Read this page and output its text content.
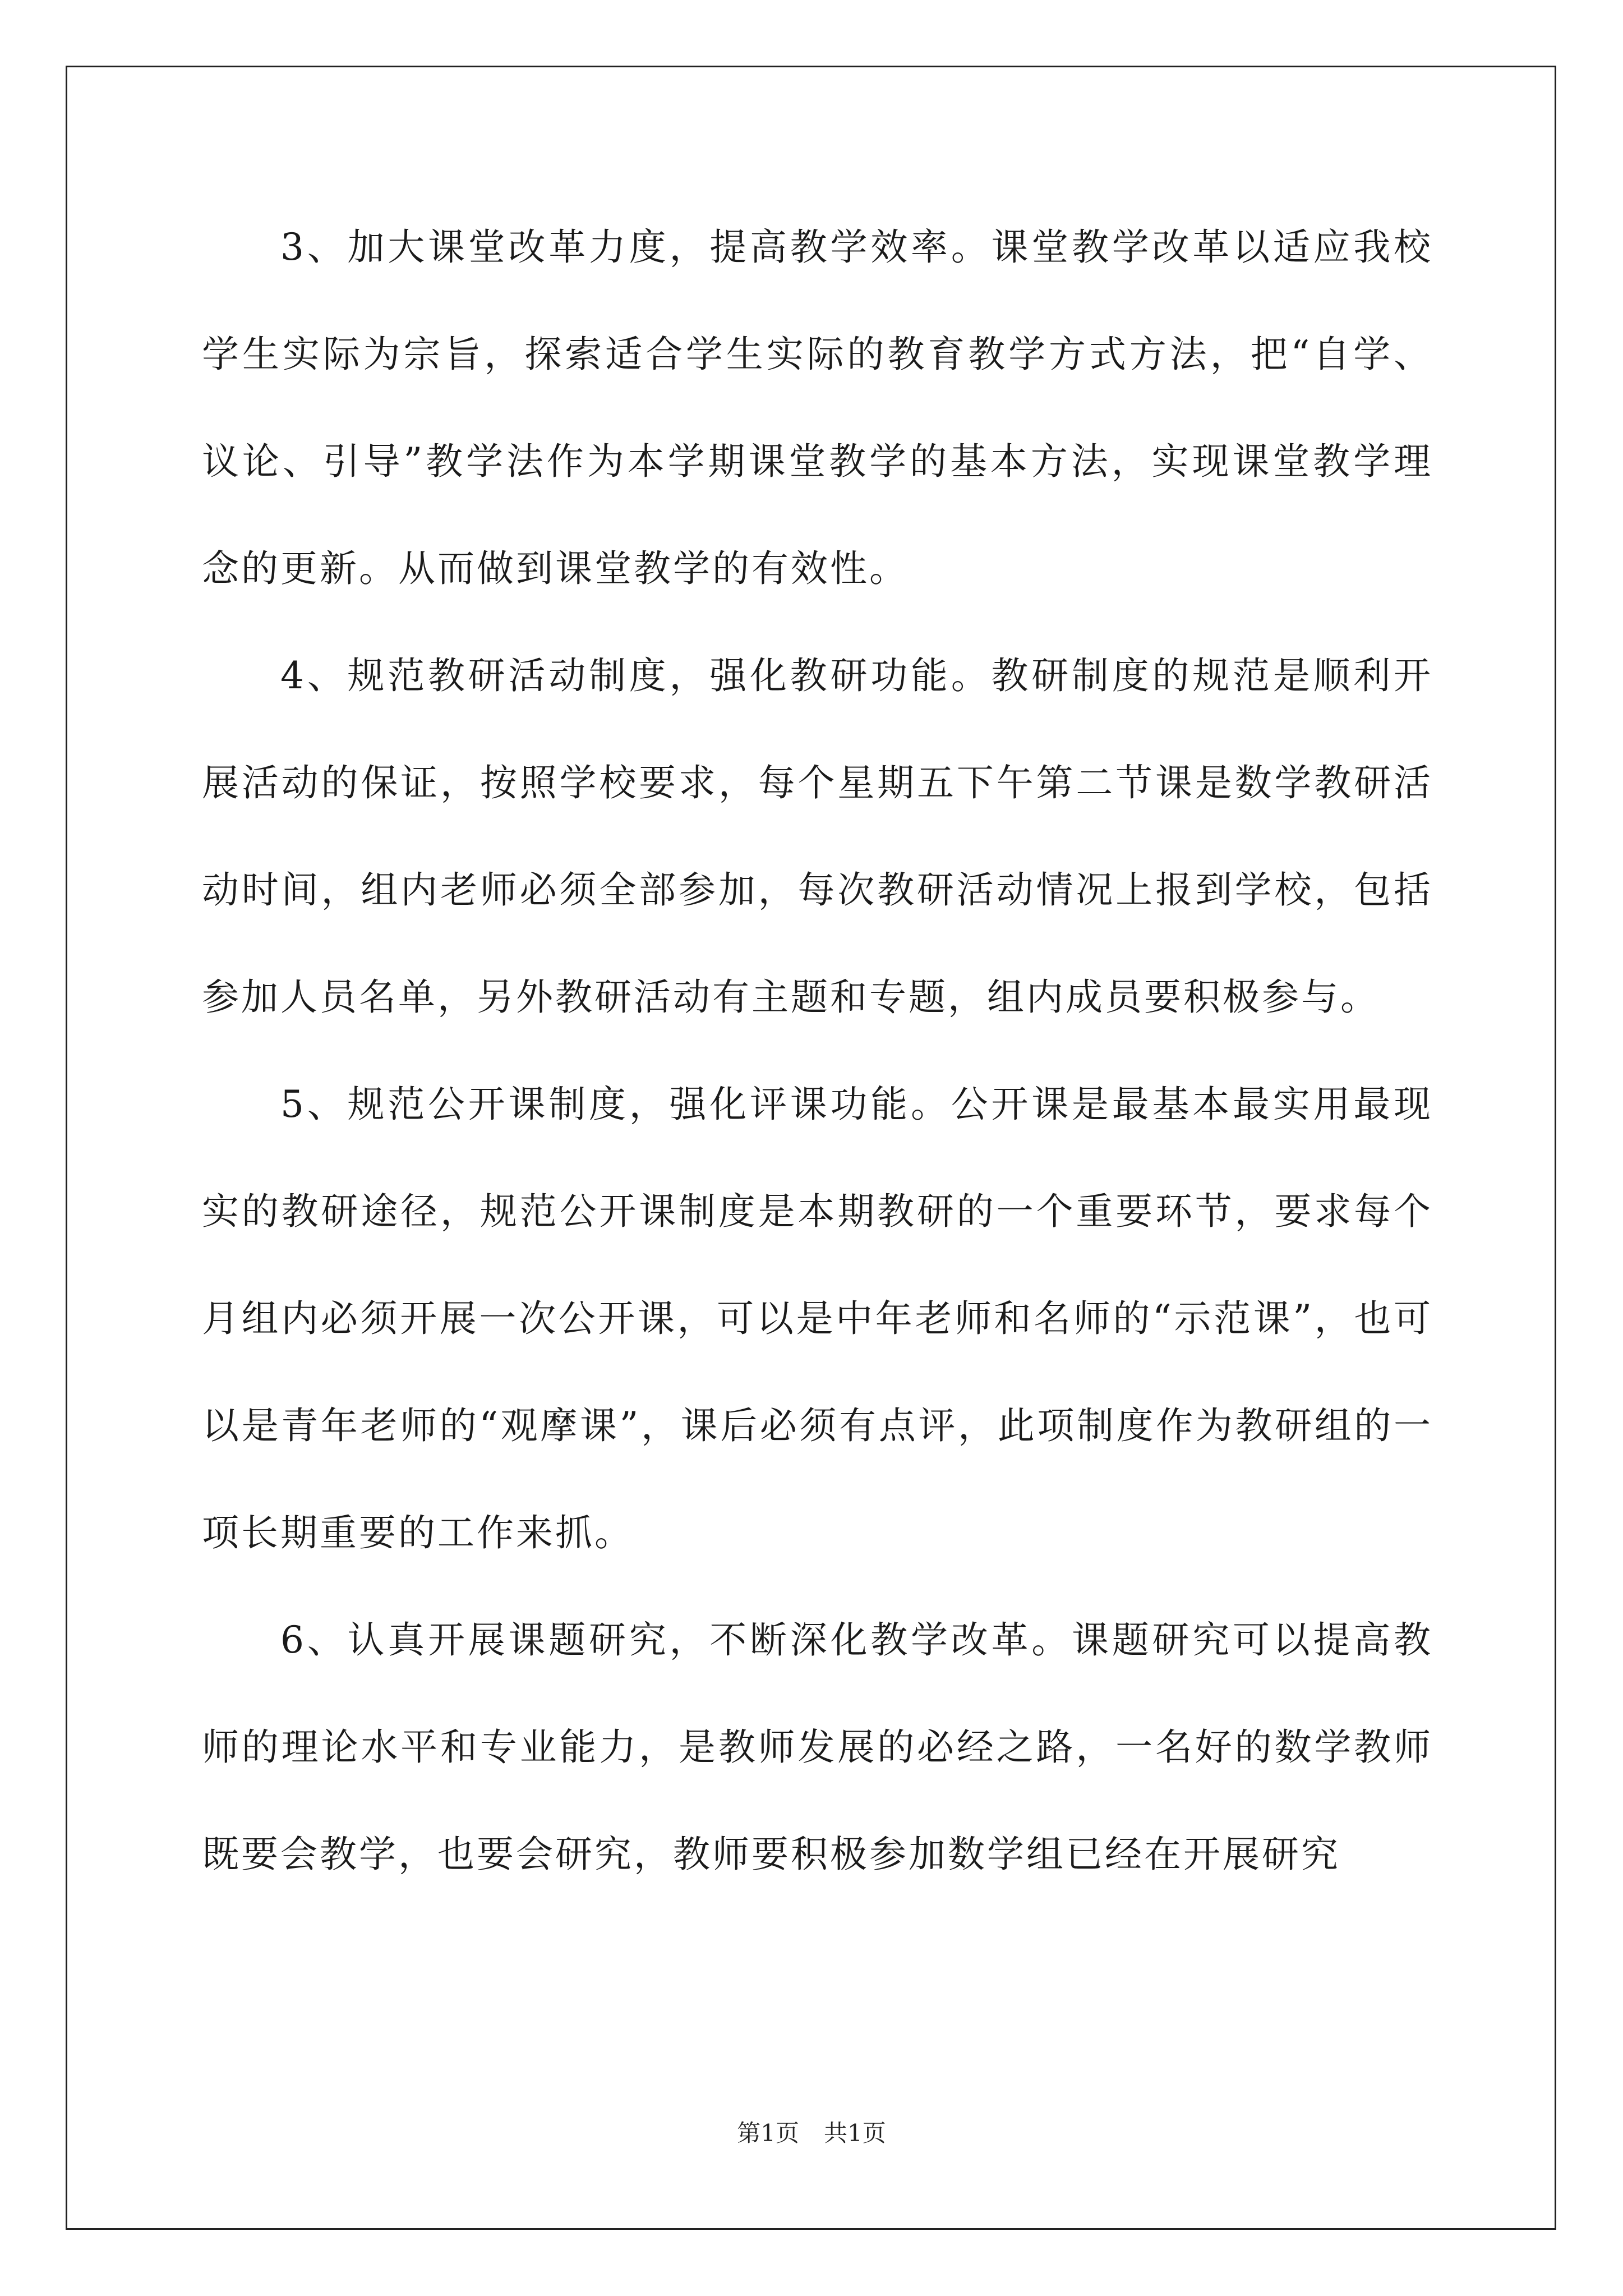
3、加大课堂改革力度，提高教学效率。课堂教学改革以适应我校学生实际为宗旨，探索适合学生实际的教育教学方式方法，把“自学、议论、引导”教学法作为本学期课堂教学的基本方法，实现课堂教学理念的更新。从而做到课堂教学的有效性。

4、规范教研活动制度，强化教研功能。教研制度的规范是顺利开展活动的保证，按照学校要求，每个星期五下午第二节课是数学教研活动时间，组内老师必须全部参加，每次教研活动情况上报到学校，包括参加人员名单，另外教研活动有主题和专题，组内成员要积极参与。

5、规范公开课制度，强化评课功能。公开课是最基本最实用最现实的教研途径，规范公开课制度是本期教研的一个重要环节，要求每个月组内必须开展一次公开课，可以是中年老师和名师的“示范课”，也可以是青年老师的“观摩课”，课后必须有点评，此项制度作为教研组的一项长期重要的工作来抓。

6、认真开展课题研究，不断深化教学改革。课题研究可以提高教师的理论水平和专业能力，是教师发展的必经之路，一名好的数学教师既要会教学，也要会研究，教师要积极参加数学组已经在开展研究

第1页 共1页
